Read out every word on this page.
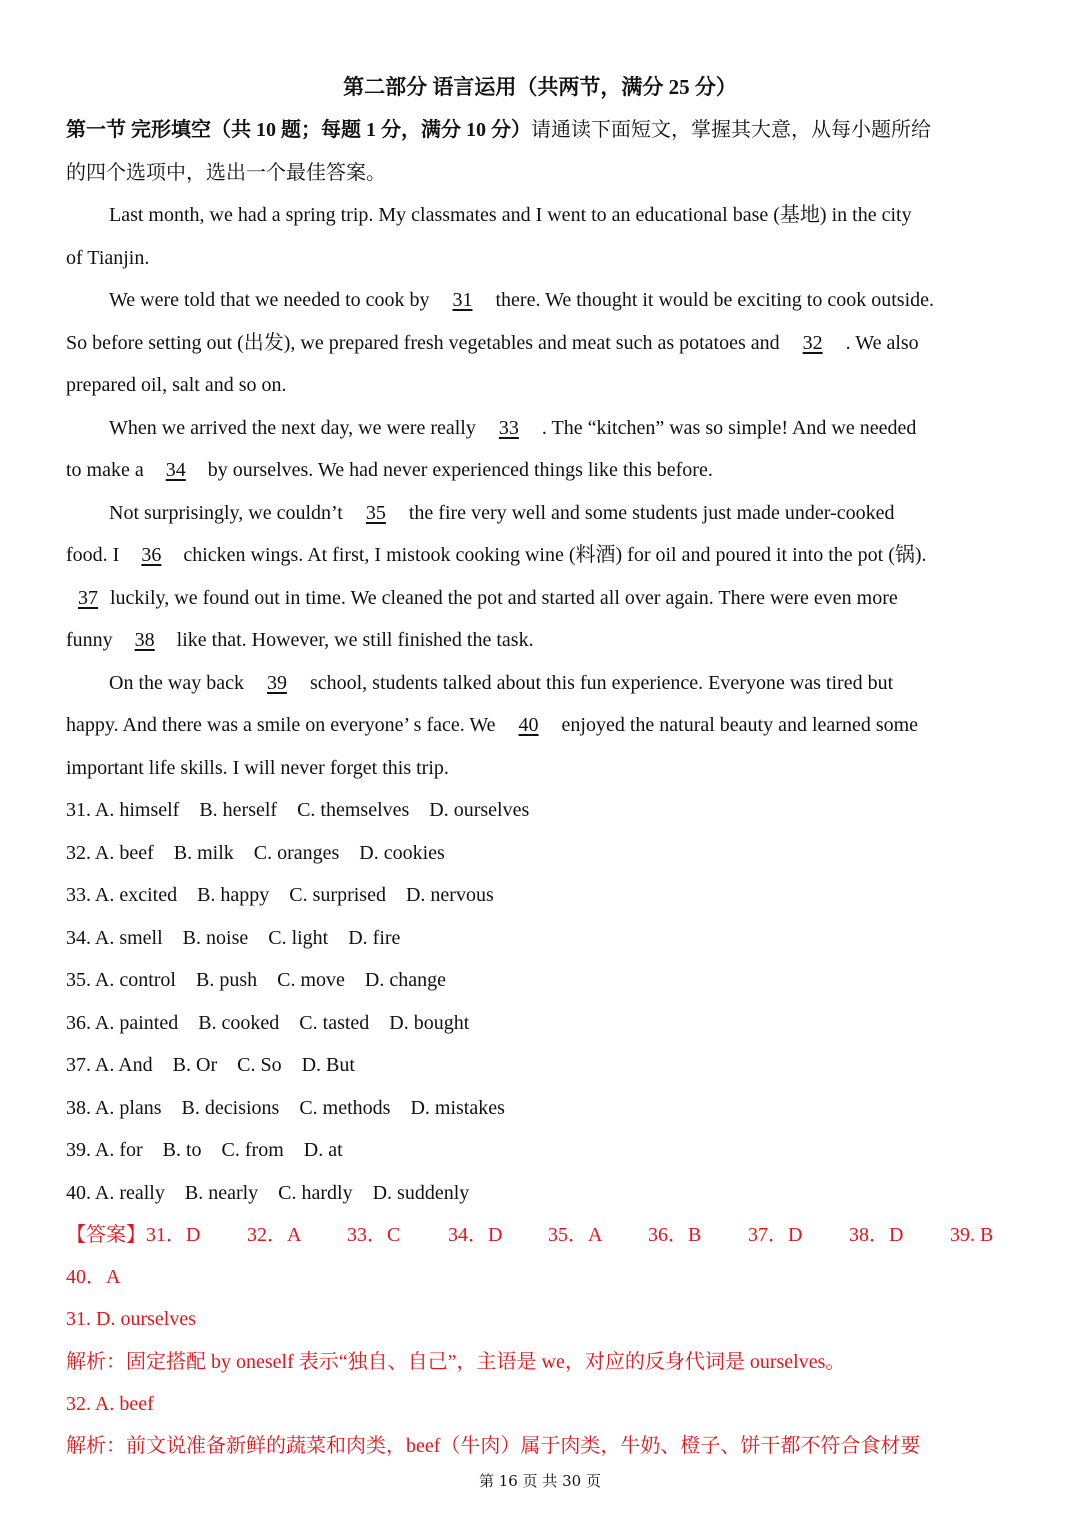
第二部分 语言运用（共两节，满分 25 分）
第一节 完形填空（共 10 题；每题 1 分，满分 10 分）请通读下面短文，掌握其大意，从每小题所给
的四个选项中，选出一个最佳答案。
Last month, we had a spring trip. My classmates and I went to an educational base (基地) in the city
of Tianjin.
We were told that we needed to cook by 31 there. We thought it would be exciting to cook outside.
So before setting out (出发), we prepared fresh vegetables and meat such as potatoes and 32 . We also
prepared oil, salt and so on.
When we arrived the next day, we were really 33 . The “kitchen” was so simple! And we needed
to make a 34 by ourselves. We had never experienced things like this before.
Not surprisingly, we couldn’t 35 the fire very well and some students just made under-cooked
food. I 36 chicken wings. At first, I mistook cooking wine (料酒) for oil and poured it into the pot (锅).
37 luckily, we found out in time. We cleaned the pot and started all over again. There were even more
funny 38 like that. However, we still finished the task.
On the way back 39 school, students talked about this fun experience. Everyone was tired but
happy. And there was a smile on everyone’ s face. We 40 enjoyed the natural beauty and learned some
important life skills. I will never forget this trip.
31. A. himself    B. herself    C. themselves    D. ourselves
32. A. beef    B. milk    C. oranges    D. cookies
33. A. excited    B. happy    C. surprised    D. nervous
34. A. smell    B. noise    C. light    D. fire
35. A. control    B. push    C. move    D. change
36. A. painted    B. cooked    C. tasted    D. bought
37. A. And    B. Or    C. So    D. But
38. A. plans    B. decisions    C. methods    D. mistakes
39. A. for    B. to    C. from    D. at
40. A. really    B. nearly    C. hardly    D. suddenly
【答案】31．D 32．A 33．C 34．D 35．A 36．B 37．D 38．D 39. B
40．A
31. D. ourselves
解析：固定搭配 by oneself 表示“独自、自己”，主语是 we，对应的反身代词是 ourselves。
32. A. beef
解析：前文说准备新鲜的蔬菜和肉类，beef（牛肉）属于肉类，牛奶、橙子、饼干都不符合食材要
第 16 页 共 30 页
